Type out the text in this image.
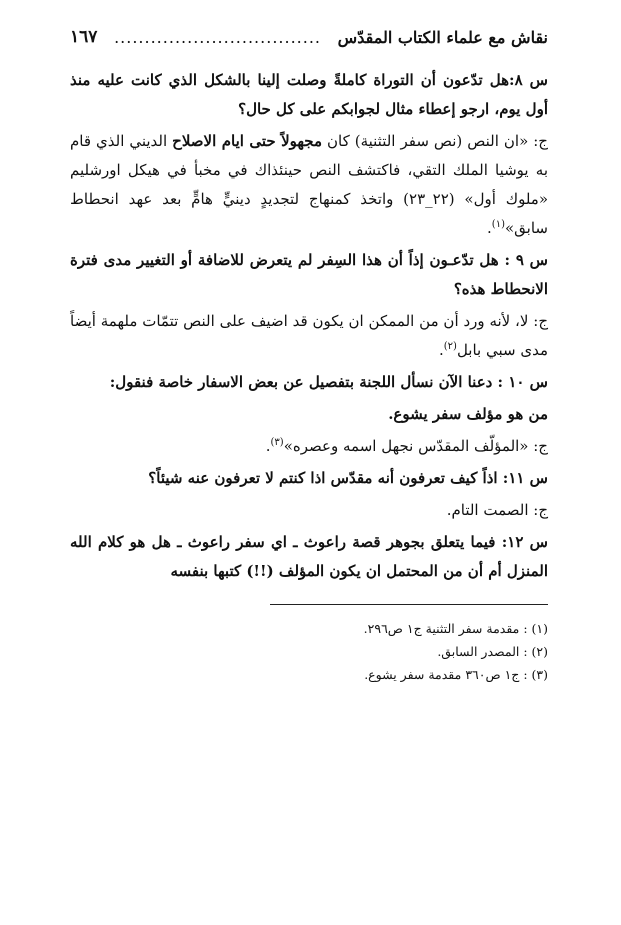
نقاش مع علماء الكتاب المقدّس
..................................
١٦٧

س ٨:هل تدّعون أن التوراة كاملةً وصلت إلينا بالشكل الذي كانت عليه منذ أول يوم، ارجو إعطاء مثال لجوابكم على كل حال؟

ج: «ان النص (نص سفر التثنية) كان مجهولاً حتى ايام الاصلاح الديني الذي قام به يوشيا الملك التقي، فاكتشف النص حينئذاك في مخبأ في هيكل اورشليم «ملوك أول» (٢٢_٢٣) واتخذ كمنهاج لتجديدٍ دينيٍّ هامٍّ بعد عهد انحطاط سابق»$^{(١)}$.

س ٩ : هل تدّعـون إذاً أن هذا السِفر لم يتعرض للاضافة أو التغيير مدى فترة الانحطاط هذه؟

ج: لا، لأنه ورد أن من الممكن ان يكون قد اضيف على النص تتمّات ملهمة أيضاً مدى سبي بابل$^{(٢)}$.

س ١٠ : دعنا الآن نسأل اللجنة بتفصيل عن بعض الاسفار خاصة فنقول:

من هو مؤلف سفر يشوع.

ج: «المؤلّف المقدّس نجهل اسمه وعصره»$^{(٣)}$.

س ١١: اذاً كيف تعرفون أنه مقدّس اذا كنتم لا تعرفون عنه شيئاً؟

ج: الصمت التام.

س ١٢: فيما يتعلق بجوهر قصة راعوث ـ اي سفر راعوث ـ هل هو كلام الله المنزل أم أن من المحتمل ان يكون المؤلف (!!) كتبها بنفسه

(١) : مقدمة سفر التثنية ج١ ص٢٩٦.

(٢) : المصدر السابق.

(٣) : ج١ ص٣٦٠ مقدمة سفر يشوع.
